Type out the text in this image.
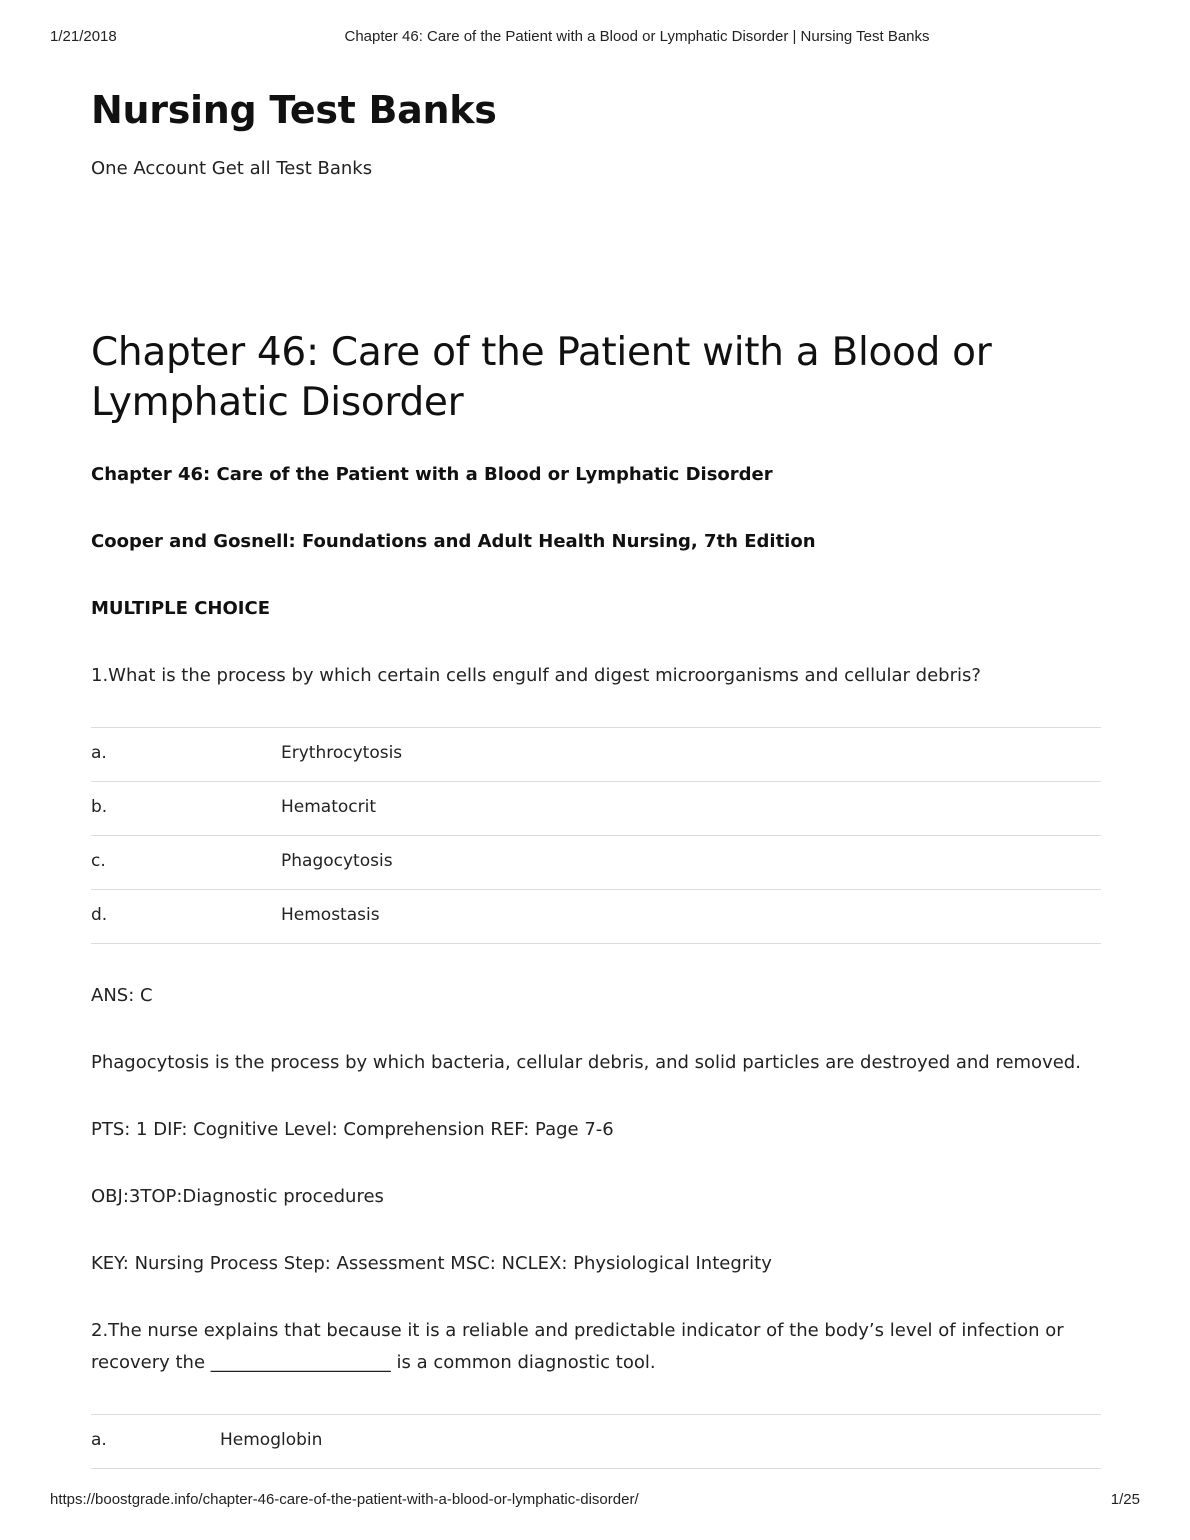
1/21/2018	Chapter 46: Care of the Patient with a Blood or Lymphatic Disorder | Nursing Test Banks
Nursing Test Banks
One Account Get all Test Banks
Chapter 46: Care of the Patient with a Blood or Lymphatic Disorder
Chapter 46: Care of the Patient with a Blood or Lymphatic Disorder
Cooper and Gosnell: Foundations and Adult Health Nursing, 7th Edition
MULTIPLE CHOICE
1.What is the process by which certain cells engulf and digest microorganisms and cellular debris?
a.	Erythrocytosis
b.	Hematocrit
c.	Phagocytosis
d.	Hemostasis
ANS: C
Phagocytosis is the process by which bacteria, cellular debris, and solid particles are destroyed and removed.
PTS: 1 DIF: Cognitive Level: Comprehension REF: Page 7-6
OBJ:3TOP:Diagnostic procedures
KEY: Nursing Process Step: Assessment MSC: NCLEX: Physiological Integrity
2.The nurse explains that because it is a reliable and predictable indicator of the body’s level of infection or recovery the ____________________ is a common diagnostic tool.
a.	Hemoglobin
https://boostgrade.info/chapter-46-care-of-the-patient-with-a-blood-or-lymphatic-disorder/	1/25
